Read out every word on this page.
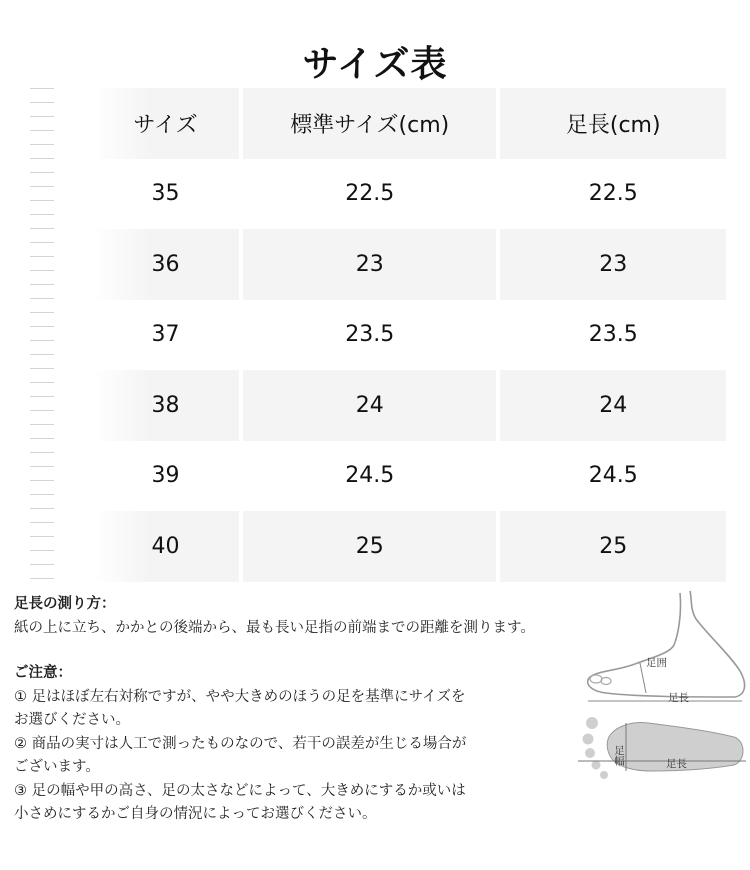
サイズ表
サイズ	標準サイズ(cm)	足長(cm)
35	22.5	22.5
36	23	23
37	23.5	23.5
38	24	24
39	24.5	24.5
40	25	25
足長の測り方：
紙の上に立ち、かかとの後端から、最も長い足指の前端までの距離を測ります。
ご注意：
① 足はほぼ左右対称ですが、やや大きめのほうの足を基準にサイズを
お選びください。
② 商品の実寸は人工で測ったものなので、若干の誤差が生じる場合が
ございます。
③ 足の幅や甲の高さ、足の太さなどによって、大きめにするか或いは
小さめにするかご自身の情況によってお選びください。
足囲
足長
足幅	足長
